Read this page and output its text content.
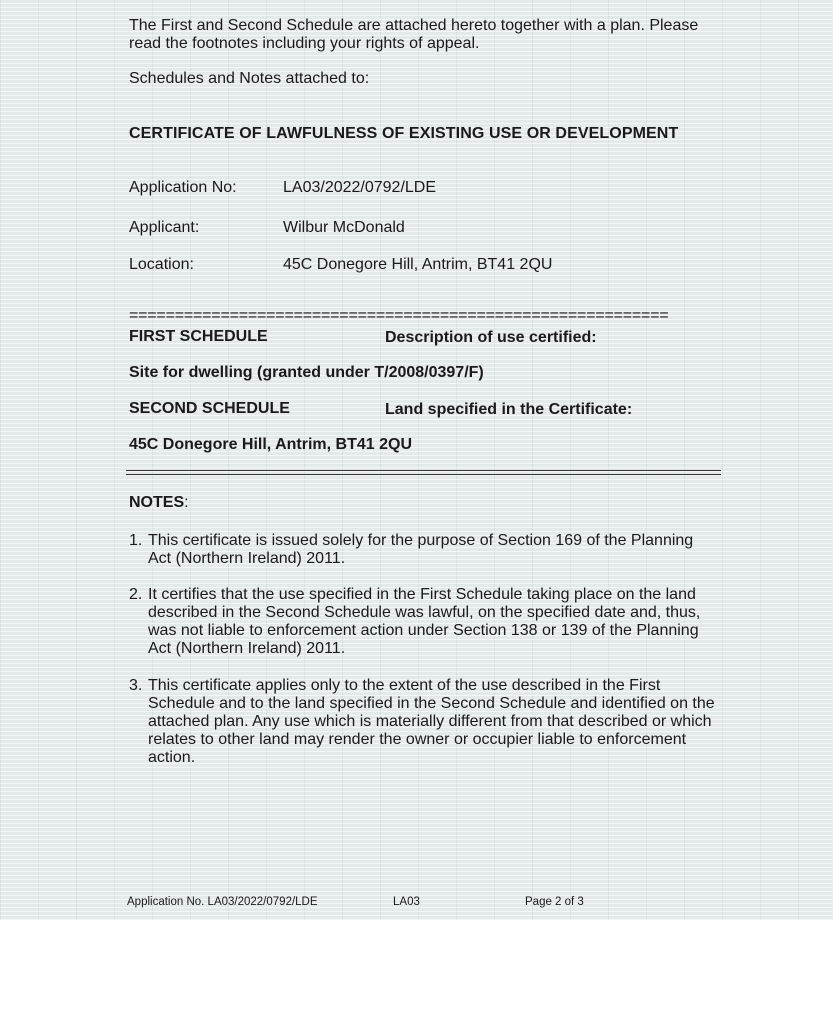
The First and Second Schedule are attached hereto together with a plan. Please read the footnotes including your rights of appeal.

Schedules and Notes attached to:

CERTIFICATE OF LAWFULNESS OF EXISTING USE OR DEVELOPMENT

Application No:	LA03/2022/0792/LDE

Applicant:	Wilbur McDonald

Location:	45C Donegore Hill, Antrim, BT41 2QU

===========================================================

FIRST SCHEDULE	Description of use certified:

Site for dwelling (granted under T/2008/0397/F)

SECOND SCHEDULE	Land specified in the Certificate:

45C Donegore Hill, Antrim, BT41 2QU

NOTES:

1. This certificate is issued solely for the purpose of Section 169 of the Planning Act (Northern Ireland) 2011.
2. It certifies that the use specified in the First Schedule taking place on the land described in the Second Schedule was lawful, on the specified date and, thus, was not liable to enforcement action under Section 138 or 139 of the Planning Act (Northern Ireland) 2011.
3. This certificate applies only to the extent of the use described in the First Schedule and to the land specified in the Second Schedule and identified on the attached plan. Any use which is materially different from that described or which relates to other land may render the owner or occupier liable to enforcement action.

Application No. LA03/2022/0792/LDE	LA03	Page 2 of 3
